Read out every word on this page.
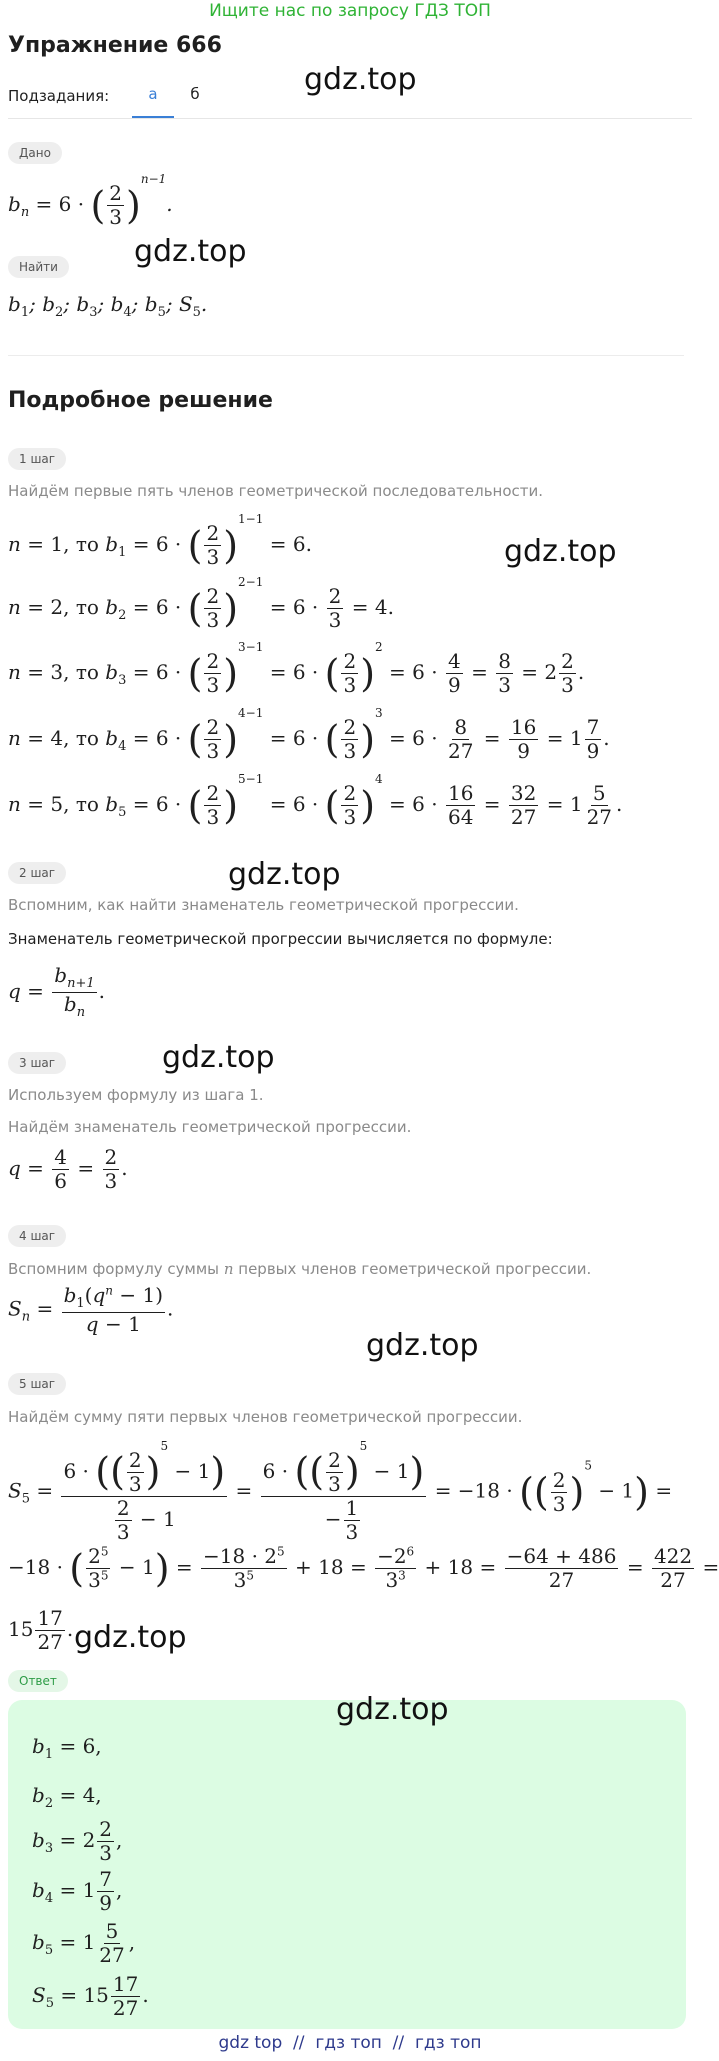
Ищите нас по запросу ГДЗ ТОП
Упражнение 666
Подзадания:	а	б	gdz.top
gdz.top
gdz.top
gdz.top
gdz.top
gdz.top
gdz.top
Дано
$b_n = 6$ · ( $\frac{2}{3} )^{n-1}$.
Найти
$b_1$; $b_2$; $b_3$; $b_4$; $b_5$; $S_5$.
Подробное решение
1 шаг
Найдём первые пять членов геометрической последовательности.
n = 1, то $b_1 = 6$ · ( $\frac{2}{3} )^{1-1} = 6$.
n = 2, то $b_2 = 6$ · ( $\frac{2}{3} )^{2-1} = 6 \cdot \frac{2}{3} = 4$.
n = 3, то $b_3 = 6$ · ( $\frac{2}{3} )^{3-1} = 6$ · ( $\frac{2}{3} )^2 = 6 \cdot \frac{4}{9} = \frac{8}{3} = 2 \frac{2}{3}$ .
n = 4, то $b_4 = 6$ · ( $\frac{2}{3} )^{4-1} = 6$ · ( $\frac{2}{3} )^3 = 6 \cdot \frac{8}{27} = \frac{16}{9} = 1 \frac{7}{9}$ .
n = 5, то $b_5 = 6$ · ( $\frac{2}{3} )^{5-1} = 6$ · ( $\frac{2}{3} )^4 = 6 \cdot \frac{16}{64} = \frac{32}{27} = 1 \frac{5}{27}$ .
2 шаг
Вспомним, как найти знаменатель геометрической прогрессии.
Знаменатель геометрической прогрессии вычисляется по формуле:
$q = \frac{b_{n+1}}{b_n}$ .
3 шаг
Используем формулу из шага 1.
Найдём знаменатель геометрической прогрессии.
$q = \frac{4}{6} = \frac{2}{3}$ .
4 шаг
Вспомним формулу суммы n первых членов геометрической прогрессии.
$S_n = \frac{b_1(q^n - 1)}{q - 1}$ .
5 шаг
Найдём сумму пяти первых членов геометрической прогрессии.
$S_5 = \frac{6 \cdot (( \frac{2}{3} )^5 - 1)}{\frac{2}{3} - 1} = \frac{6 \cdot (( \frac{2}{3} )^5 - 1)}{- \frac{1}{3}} = -18$ · (( $\frac{2}{3} )^5 - 1$) =
−18 · ( $\frac{2^5}{3^5} - 1) = \frac{-18 \cdot 2^5}{3^5} + 18 = \frac{-2^6}{3^3} + 18 = \frac{-64 + 486}{27} = \frac{422}{27}$ =
$15 \frac{17}{27}$ .
Ответ
gdz.top
$b_1 = 6$,
$b_2 = 4$,
$b_3 = 2 \frac{2}{3}$ ,
$b_4 = 1 \frac{7}{9}$ ,
$b_5 = 1 \frac{5}{27}$ ,
$S_5 = 15 \frac{17}{27}$ .
gdz top  //  гдз топ  //  гдз топ
